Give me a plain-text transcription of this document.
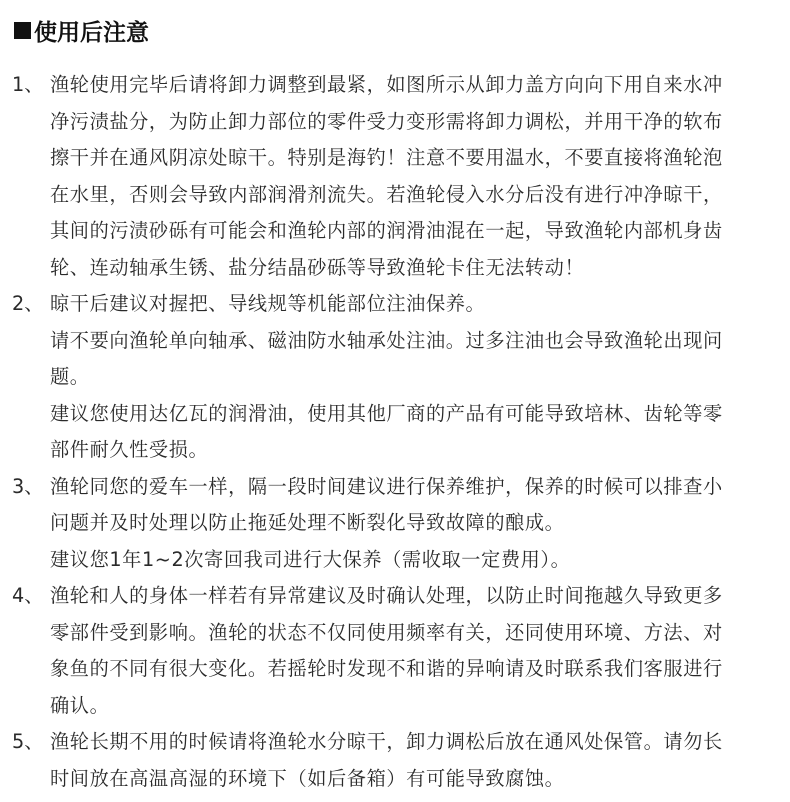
使用后注意
1、 渔轮使用完毕后请将卸力调整到最紧，如图所示从卸力盖方向向下用自来水冲
净污渍盐分，为防止卸力部位的零件受力变形需将卸力调松，并用干净的软布
擦干并在通风阴凉处晾干。特别是海钓！注意不要用温水，不要直接将渔轮泡
在水里，否则会导致内部润滑剂流失。若渔轮侵入水分后没有进行冲净晾干，
其间的污渍砂砾有可能会和渔轮内部的润滑油混在一起，导致渔轮内部机身齿
轮、连动轴承生锈、盐分结晶砂砾等导致渔轮卡住无法转动！
2、 晾干后建议对握把、导线规等机能部位注油保养。
请不要向渔轮单向轴承、磁油防水轴承处注油。过多注油也会导致渔轮出现问
题。
建议您使用达亿瓦的润滑油，使用其他厂商的产品有可能导致培林、齿轮等零
部件耐久性受损。
3、 渔轮同您的爱车一样，隔一段时间建议进行保养维护，保养的时候可以排查小
问题并及时处理以防止拖延处理不断裂化导致故障的酿成。
建议您1年1~2次寄回我司进行大保养（需收取一定费用）。
4、 渔轮和人的身体一样若有异常建议及时确认处理，以防止时间拖越久导致更多
零部件受到影响。渔轮的状态不仅同使用频率有关，还同使用环境、方法、对
象鱼的不同有很大变化。若摇轮时发现不和谐的异响请及时联系我们客服进行
确认。
5、 渔轮长期不用的时候请将渔轮水分晾干，卸力调松后放在通风处保管。请勿长
时间放在高温高湿的环境下（如后备箱）有可能导致腐蚀。
